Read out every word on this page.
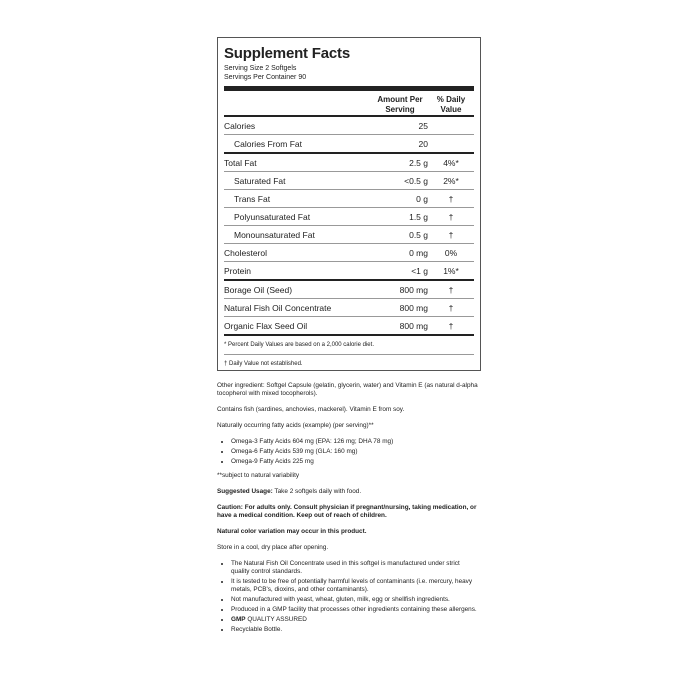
Supplement Facts
Serving Size 2 Softgels
Servings Per Container 90
Amount Per Serving
% Daily Value
Calories	25
Calories From Fat	20
Total Fat	2.5 g	4%*
Saturated Fat	<0.5 g	2%*
Trans Fat	0 g	†
Polyunsaturated Fat	1.5 g	†
Monounsaturated Fat	0.5 g	†
Cholesterol	0 mg	0%
Protein	<1 g	1%*
Borage Oil (Seed)	800 mg	†
Natural Fish Oil Concentrate	800 mg	†
Organic Flax Seed Oil	800 mg	†
* Percent Daily Values are based on a 2,000 calorie diet.
† Daily Value not established.

Other ingredient: Softgel Capsule (gelatin, glycerin, water) and Vitamin E (as natural d-alpha tocopherol with mixed tocopherols).

Contains fish (sardines, anchovies, mackerel). Vitamin E from soy.

Naturally occurring fatty acids (example) (per serving)**

• Omega-3 Fatty Acids 604 mg (EPA: 126 mg; DHA 78 mg)
• Omega-6 Fatty Acids 539 mg (GLA: 160 mg)
• Omega-9 Fatty Acids 225 mg

**subject to natural variability

Suggested Usage: Take 2 softgels daily with food.

Caution: For adults only. Consult physician if pregnant/nursing, taking medication, or have a medical condition. Keep out of reach of children.

Natural color variation may occur in this product.

Store in a cool, dry place after opening.

• The Natural Fish Oil Concentrate used in this softgel is manufactured under strict quality control standards.
• It is tested to be free of potentially harmful levels of contaminants (i.e. mercury, heavy metals, PCB's, dioxins, and other contaminants).
• Not manufactured with yeast, wheat, gluten, milk, egg or shellfish ingredients.
• Produced in a GMP facility that processes other ingredients containing these allergens.
• GMP QUALITY ASSURED
• Recyclable Bottle.
